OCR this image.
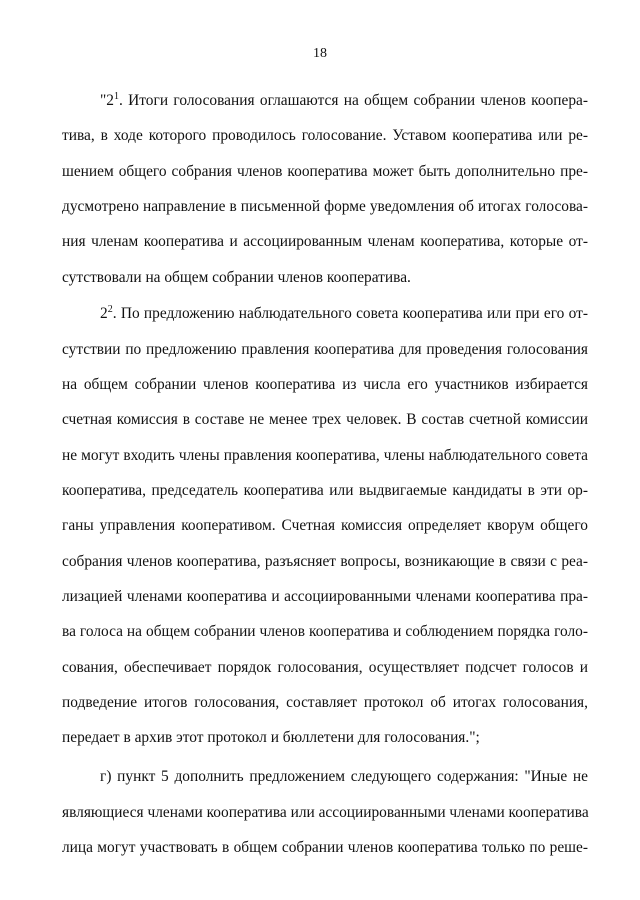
18
"$2^1$. Итоги голосования оглашаются на общем собрании членов коопера-
тива, в ходе которого проводилось голосование. Уставом кооператива или ре-
шением общего собрания членов кооператива может быть дополнительно пре-
дусмотрено направление в письменной форме уведомления об итогах голосова-
ния членам кооператива и ассоциированным членам кооператива, которые от-
сутствовали на общем собрании членов кооператива.
$2^2$. По предложению наблюдательного совета кооператива или при его от-
сутствии по предложению правления кооператива для проведения голосования
на общем собрании членов кооператива из числа его участников избирается
счетная комиссия в составе не менее трех человек. В состав счетной комиссии
не могут входить члены правления кооператива, члены наблюдательного совета
кооператива, председатель кооператива или выдвигаемые кандидаты в эти ор-
ганы управления кооперативом. Счетная комиссия определяет кворум общего
собрания членов кооператива, разъясняет вопросы, возникающие в связи с реа-
лизацией членами кооператива и ассоциированными членами кооператива пра-
ва голоса на общем собрании членов кооператива и соблюдением порядка голо-
сования, обеспечивает порядок голосования, осуществляет подсчет голосов и
подведение итогов голосования, составляет протокол об итогах голосования,
передает в архив этот протокол и бюллетени для голосования.";
г) пункт 5 дополнить предложением следующего содержания: "Иные не
являющиеся членами кооператива или ассоциированными членами кооператива
лица могут участвовать в общем собрании членов кооператива только по реше-
